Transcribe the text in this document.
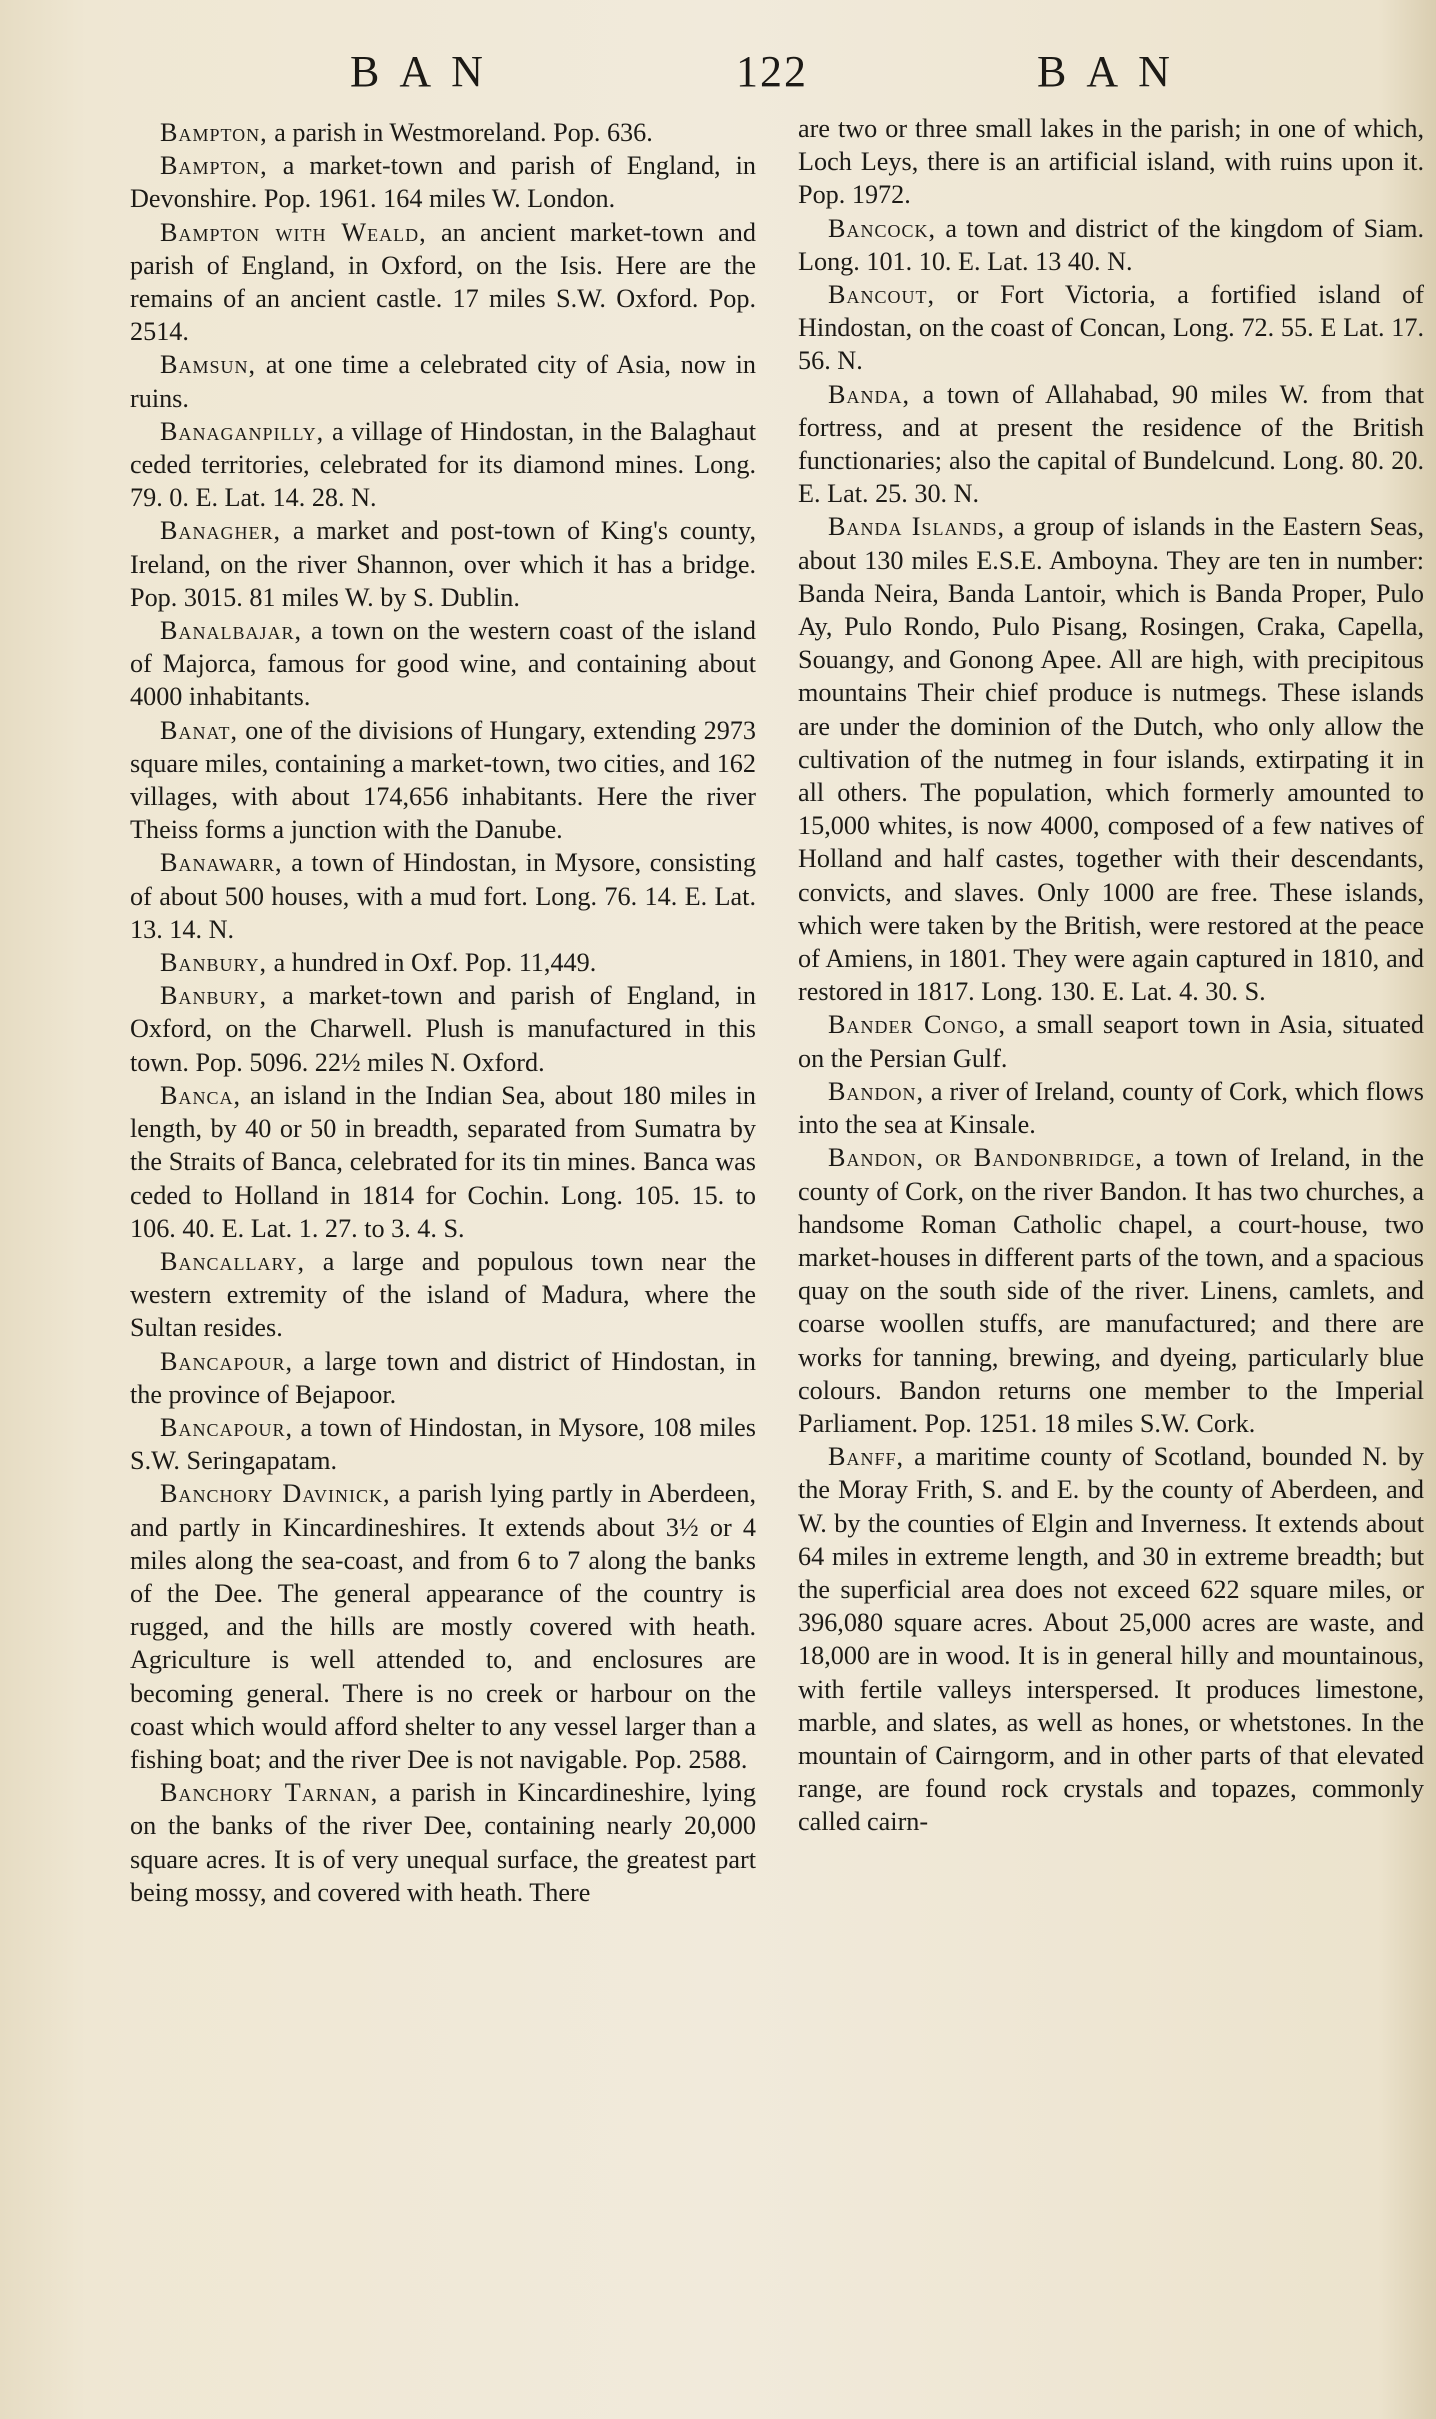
BAN	122	BAN

Bampton, a parish in Westmoreland. Pop. 636.

Bampton, a market-town and parish of England, in Devonshire. Pop. 1961. 164 miles W. London.

Bampton with Weald, an ancient market-town and parish of England, in Oxford, on the Isis. Here are the remains of an ancient castle. 17 miles S.W. Oxford. Pop. 2514.

Bamsun, at one time a celebrated city of Asia, now in ruins.

Banaganpilly, a village of Hindostan, in the Balaghaut ceded territories, celebrated for its diamond mines. Long. 79. 0. E. Lat. 14. 28. N.

Banagher, a market and post-town of King's county, Ireland, on the river Shannon, over which it has a bridge. Pop. 3015. 81 miles W. by S. Dublin.

Banalbajar, a town on the western coast of the island of Majorca, famous for good wine, and containing about 4000 inhabitants.

Banat, one of the divisions of Hungary, extending 2973 square miles, containing a market-town, two cities, and 162 villages, with about 174,656 inhabitants. Here the river Theiss forms a junction with the Danube.

Banawarr, a town of Hindostan, in Mysore, consisting of about 500 houses, with a mud fort. Long. 76. 14. E. Lat. 13. 14. N.

Banbury, a hundred in Oxf. Pop. 11,449.

Banbury, a market-town and parish of England, in Oxford, on the Charwell. Plush is manufactured in this town. Pop. 5096. 22½ miles N. Oxford.

Banca, an island in the Indian Sea, about 180 miles in length, by 40 or 50 in breadth, separated from Sumatra by the Straits of Banca, celebrated for its tin mines. Banca was ceded to Holland in 1814 for Cochin. Long. 105. 15. to 106. 40. E. Lat. 1. 27. to 3. 4. S.

Bancallary, a large and populous town near the western extremity of the island of Madura, where the Sultan resides.

Bancapour, a large town and district of Hindostan, in the province of Bejapoor.

Bancapour, a town of Hindostan, in Mysore, 108 miles S.W. Seringapatam.

Banchory Davinick, a parish lying partly in Aberdeen, and partly in Kincardineshires. It extends about 3½ or 4 miles along the sea-coast, and from 6 to 7 along the banks of the Dee. The general appearance of the country is rugged, and the hills are mostly covered with heath. Agriculture is well attended to, and enclosures are becoming general. There is no creek or harbour on the coast which would afford shelter to any vessel larger than a fishing boat; and the river Dee is not navigable. Pop. 2588.

Banchory Tarnan, a parish in Kincardineshire, lying on the banks of the river Dee, containing nearly 20,000 square acres. It is of very unequal surface, the greatest part being mossy, and covered with heath. There

are two or three small lakes in the parish; in one of which, Loch Leys, there is an artificial island, with ruins upon it. Pop. 1972.

Bancock, a town and district of the kingdom of Siam. Long. 101. 10. E. Lat. 13 40. N.

Bancout, or Fort Victoria, a fortified island of Hindostan, on the coast of Concan, Long. 72. 55. E Lat. 17. 56. N.

Banda, a town of Allahabad, 90 miles W. from that fortress, and at present the residence of the British functionaries; also the capital of Bundelcund. Long. 80. 20. E. Lat. 25. 30. N.

Banda Islands, a group of islands in the Eastern Seas, about 130 miles E.S.E. Amboyna. They are ten in number: Banda Neira, Banda Lantoir, which is Banda Proper, Pulo Ay, Pulo Rondo, Pulo Pisang, Rosingen, Craka, Capella, Souangy, and Gonong Apee. All are high, with precipitous mountains Their chief produce is nutmegs. These islands are under the dominion of the Dutch, who only allow the cultivation of the nutmeg in four islands, extirpating it in all others. The population, which formerly amounted to 15,000 whites, is now 4000, composed of a few natives of Holland and half castes, together with their descendants, convicts, and slaves. Only 1000 are free. These islands, which were taken by the British, were restored at the peace of Amiens, in 1801. They were again captured in 1810, and restored in 1817. Long. 130. E. Lat. 4. 30. S.

Bander Congo, a small seaport town in Asia, situated on the Persian Gulf.

Bandon, a river of Ireland, county of Cork, which flows into the sea at Kinsale.

Bandon, or Bandonbridge, a town of Ireland, in the county of Cork, on the river Bandon. It has two churches, a handsome Roman Catholic chapel, a court-house, two market-houses in different parts of the town, and a spacious quay on the south side of the river. Linens, camlets, and coarse woollen stuffs, are manufactured; and there are works for tanning, brewing, and dyeing, particularly blue colours. Bandon returns one member to the Imperial Parliament. Pop. 1251. 18 miles S.W. Cork.

Banff, a maritime county of Scotland, bounded N. by the Moray Frith, S. and E. by the county of Aberdeen, and W. by the counties of Elgin and Inverness. It extends about 64 miles in extreme length, and 30 in extreme breadth; but the superficial area does not exceed 622 square miles, or 396,080 square acres. About 25,000 acres are waste, and 18,000 are in wood. It is in general hilly and mountainous, with fertile valleys interspersed. It produces limestone, marble, and slates, as well as hones, or whetstones. In the mountain of Cairngorm, and in other parts of that elevated range, are found rock crystals and topazes, commonly called cairn-
